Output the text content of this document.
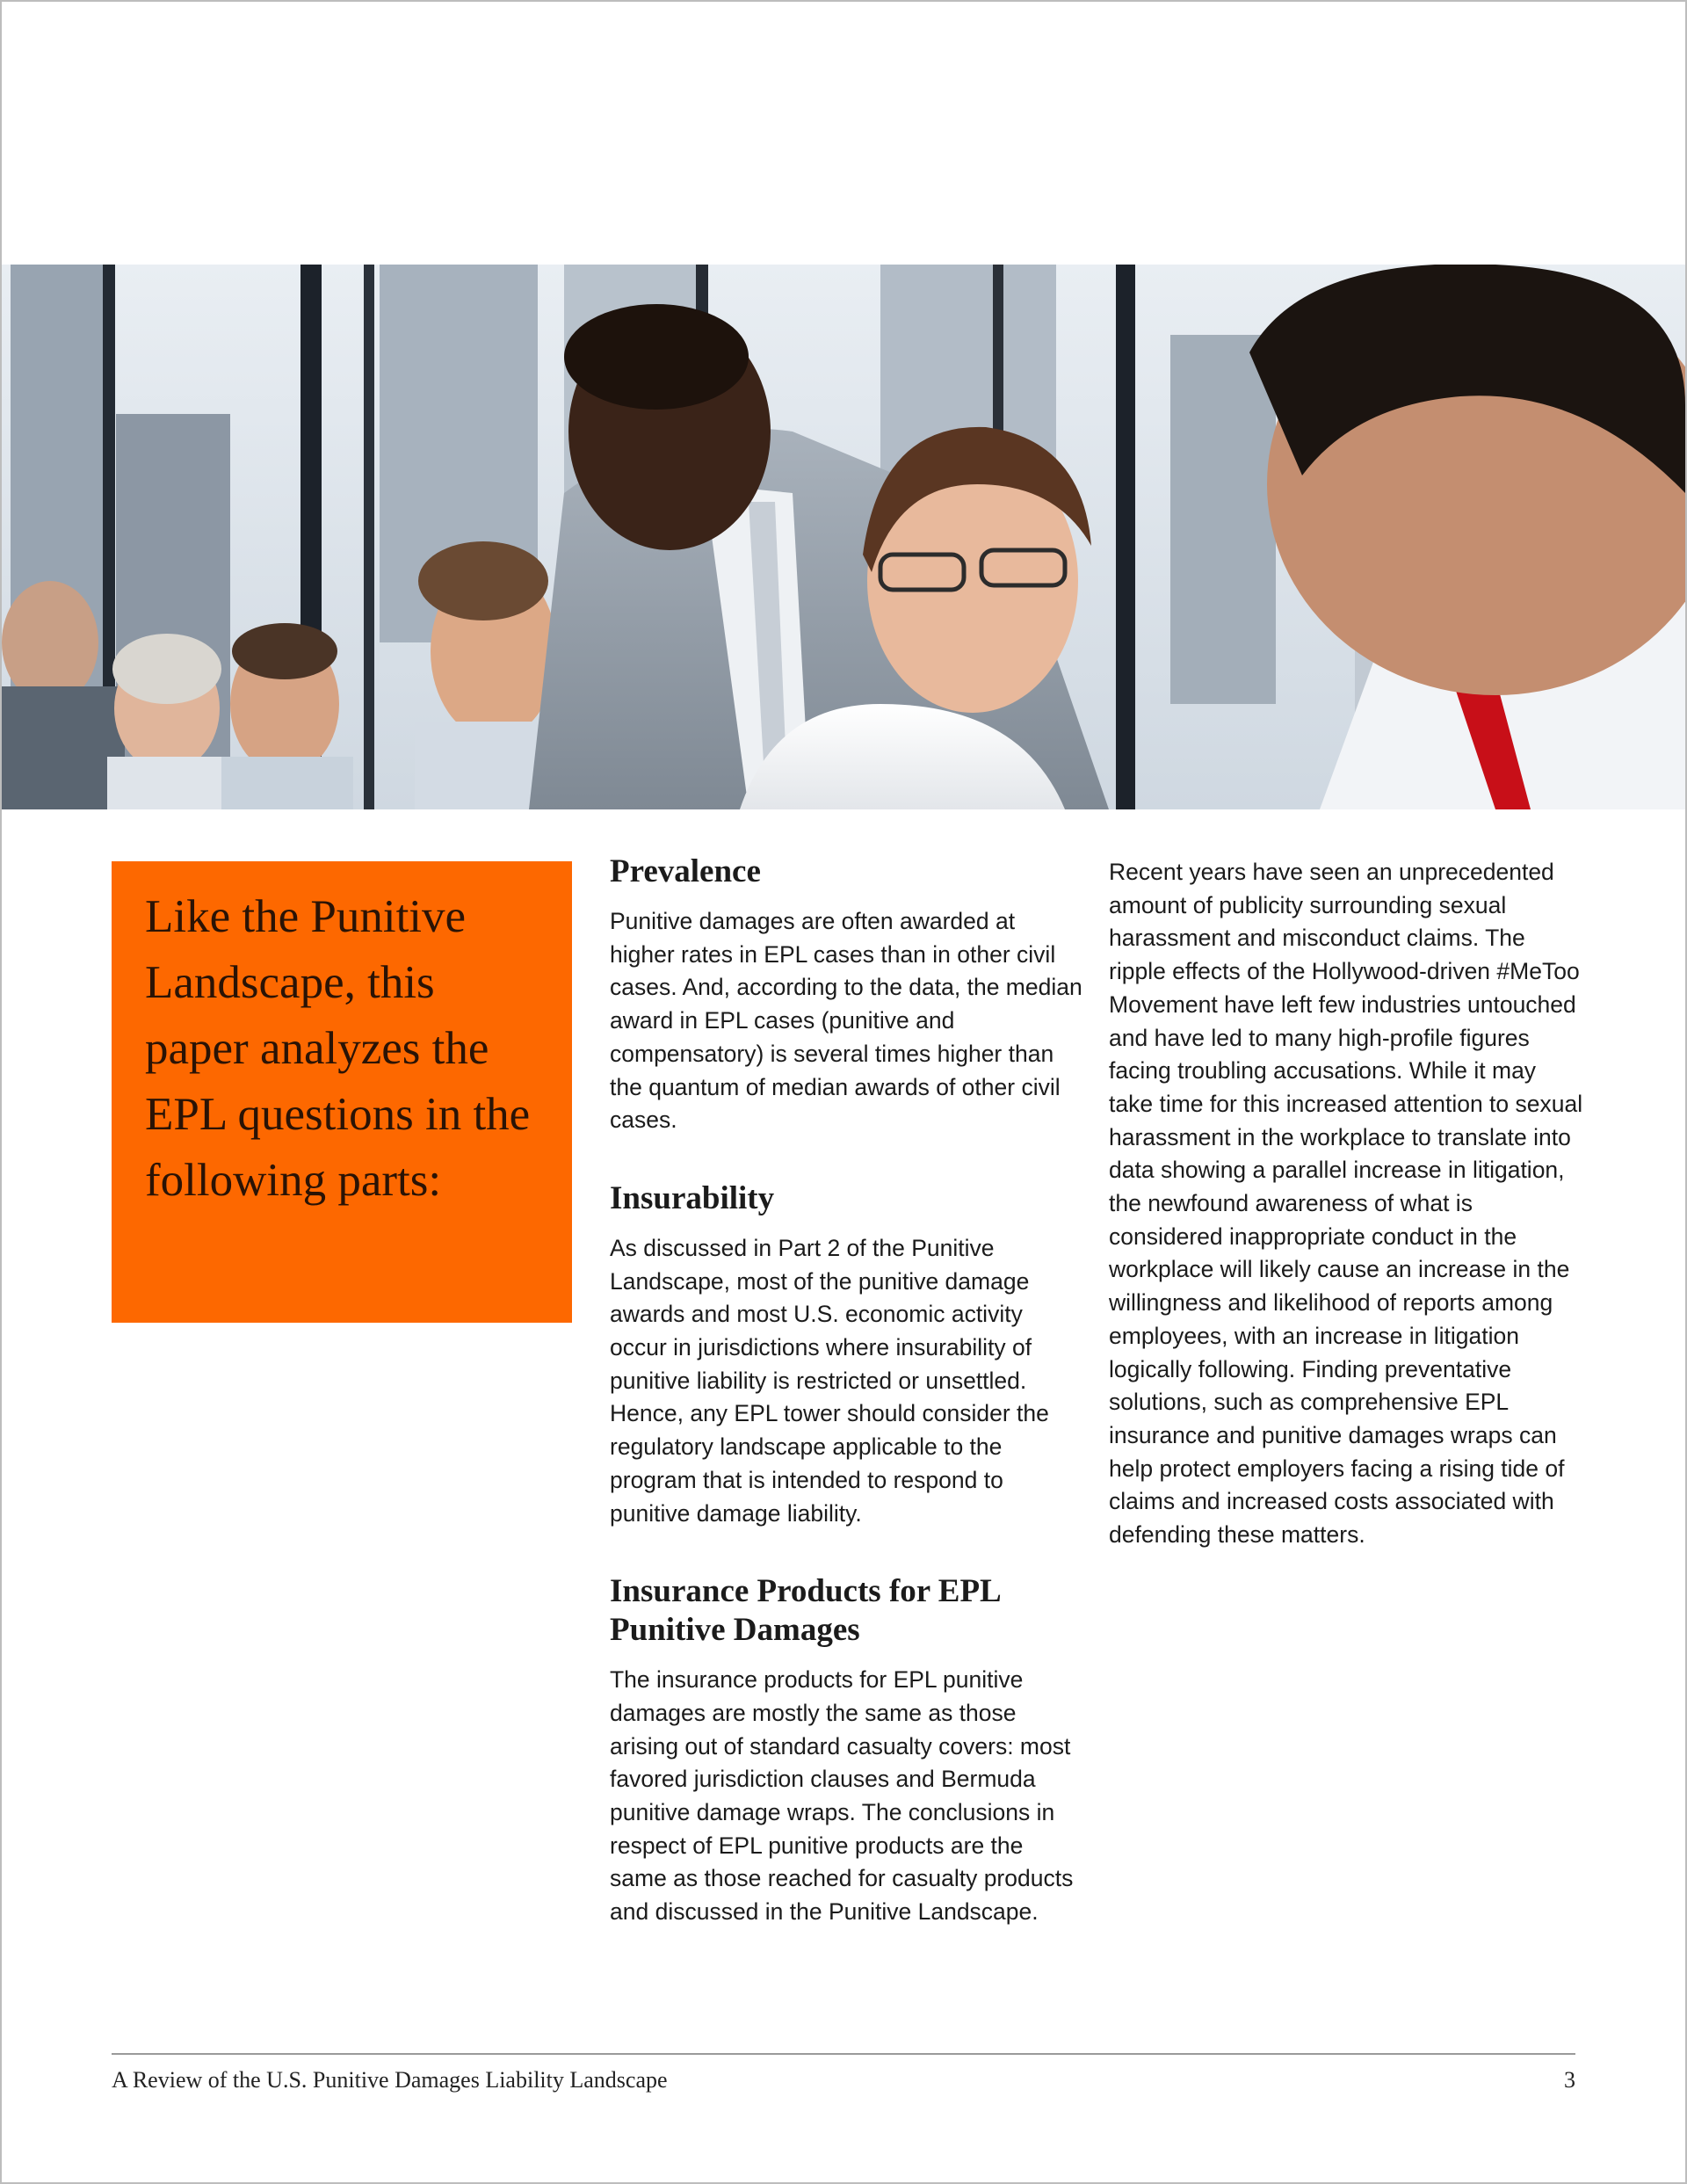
Like the Punitive Landscape, this paper analyzes the EPL questions in the following parts:

Prevalence

Punitive damages are often awarded at higher rates in EPL cases than in other civil cases. And, according to the data, the median award in EPL cases (punitive and compensatory) is several times higher than the quantum of median awards of other civil cases.

Insurability

As discussed in Part 2 of the Punitive Landscape, most of the punitive damage awards and most U.S. economic activity occur in jurisdictions where insurability of punitive liability is restricted or unsettled. Hence, any EPL tower should consider the regulatory landscape applicable to the program that is intended to respond to punitive damage liability.

Insurance Products for EPL Punitive Damages

The insurance products for EPL punitive damages are mostly the same as those arising out of standard casualty covers: most favored jurisdiction clauses and Bermuda punitive damage wraps. The conclusions in respect of EPL punitive products are the same as those reached for casualty products and discussed in the Punitive Landscape.

Recent years have seen an unprecedented amount of publicity surrounding sexual harassment and misconduct claims. The ripple effects of the Hollywood-driven #MeToo Movement have left few industries untouched and have led to many high-profile figures facing troubling accusations. While it may take time for this increased attention to sexual harassment in the workplace to translate into data showing a parallel increase in litigation, the newfound awareness of what is considered inappropriate conduct in the workplace will likely cause an increase in the willingness and likelihood of reports among employees, with an increase in litigation logically following. Finding preventative solutions, such as comprehensive EPL insurance and punitive damages wraps can help protect employers facing a rising tide of claims and increased costs associated with defending these matters.

A Review of the U.S. Punitive Damages Liability Landscape	3
